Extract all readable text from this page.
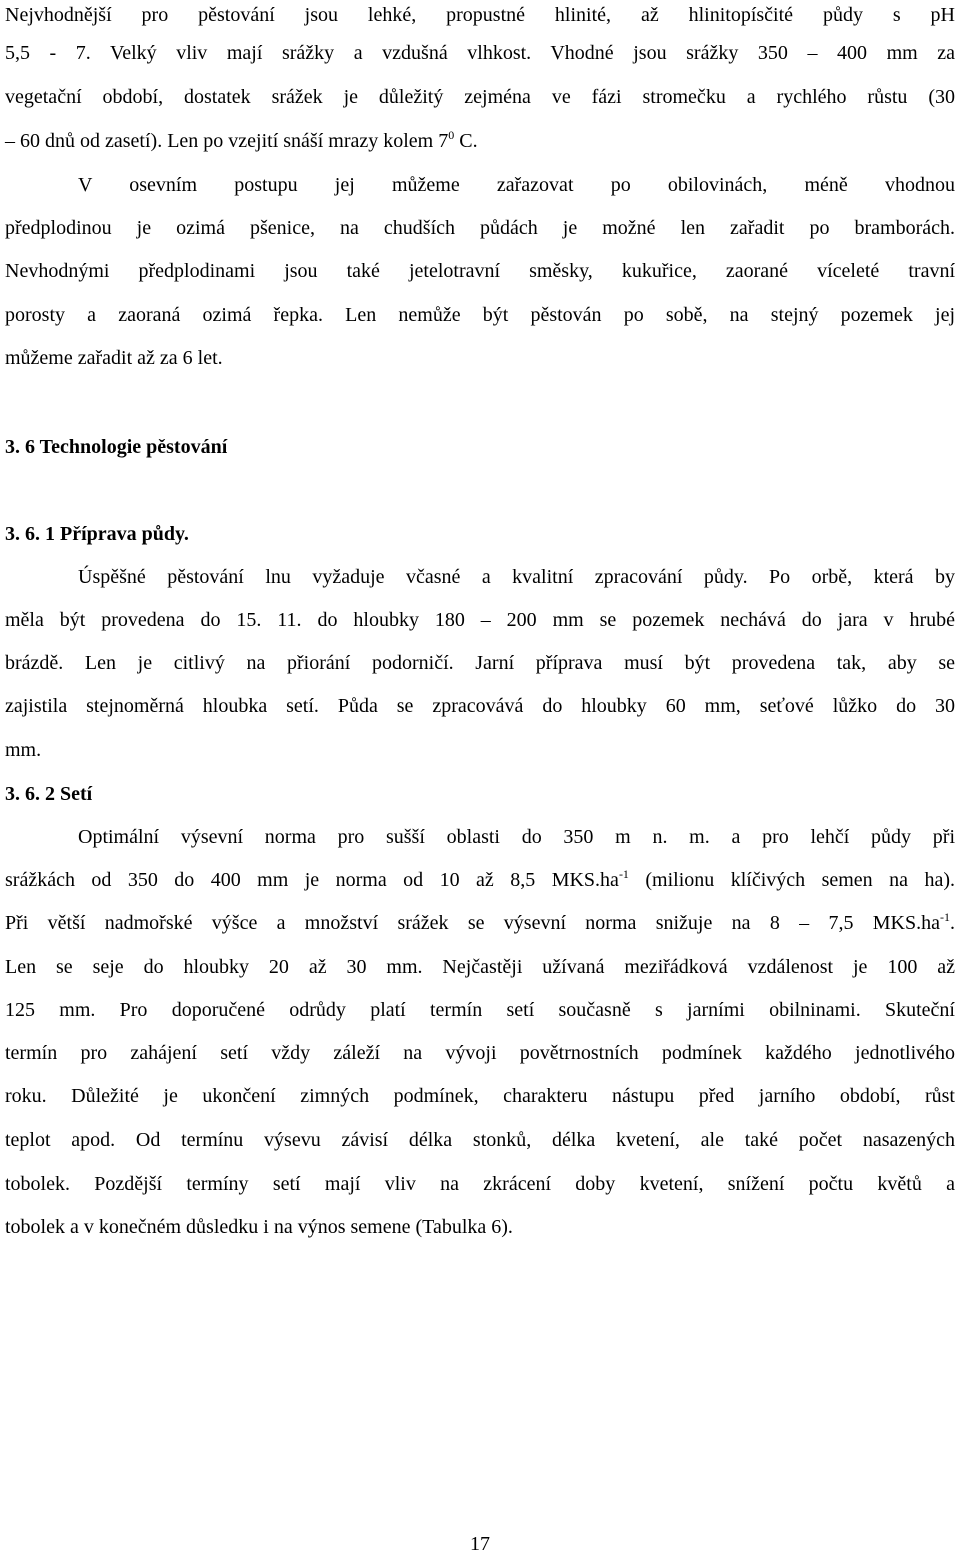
Nejvhodnější pro pěstování jsou lehké, propustné hlinité, až hlinitopísčité půdy s pH
5,5 - 7. Velký vliv mají srážky a vzdušná vlhkost. Vhodné jsou srážky 350 – 400 mm za
vegetační období, dostatek srážek je důležitý zejména ve fázi stromečku a rychlého růstu (30
– 60 dnů od zasetí). Len po vzejití snáší mrazy kolem $7^0$ C.
V osevním postupu jej můžeme zařazovat po obilovinách, méně vhodnou
předplodinou je ozimá pšenice, na chudších půdách je možné len zařadit po bramborách.
Nevhodnými předplodinami jsou také jetelotravní směsky, kukuřice, zaorané víceleté travní
porosty a zaoraná ozimá řepka. Len nemůže být pěstován po sobě, na stejný pozemek jej
můžeme zařadit až za 6 let.
3. 6 Technologie pěstování
3. 6. 1 Příprava půdy.
Úspěšné pěstování lnu vyžaduje včasné a kvalitní zpracování půdy. Po orbě, která by
měla být provedena do 15. 11. do hloubky 180 – 200 mm se pozemek nechává do jara v hrubé
brázdě. Len je citlivý na přiorání podorničí. Jarní příprava musí být provedena tak, aby se
zajistila stejnoměrná hloubka setí. Půda se zpracovává do hloubky 60 mm, seťové lůžko do 30
mm.
3. 6. 2 Setí
Optimální výsevní norma pro sušší oblasti do 350 m n. m. a pro lehčí půdy při
srážkách od 350 do 400 mm je norma od 10 až 8,5 $MKS.ha^{-1}$ (milionu klíčivých semen na ha).
Při větší nadmořské výšce a množství srážek se výsevní norma snižuje na 8 – 7,5 $MKS.ha^{-1}$.
Len se seje do hloubky 20 až 30 mm. Nejčastěji užívaná meziřádková vzdálenost je 100 až
125 mm. Pro doporučené odrůdy platí termín setí současně s jarními obilninami. Skuteční
termín pro zahájení setí vždy záleží na vývoji povětrnostních podmínek každého jednotlivého
roku. Důležité je ukončení zimných podmínek, charakteru nástupu před jarního období, růst
teplot apod. Od termínu výsevu závisí délka stonků, délka kvetení, ale také počet nasazených
tobolek. Pozdější termíny setí mají vliv na zkrácení doby kvetení, snížení počtu květů a
tobolek a v konečném důsledku i na výnos semene (Tabulka 6).
17
